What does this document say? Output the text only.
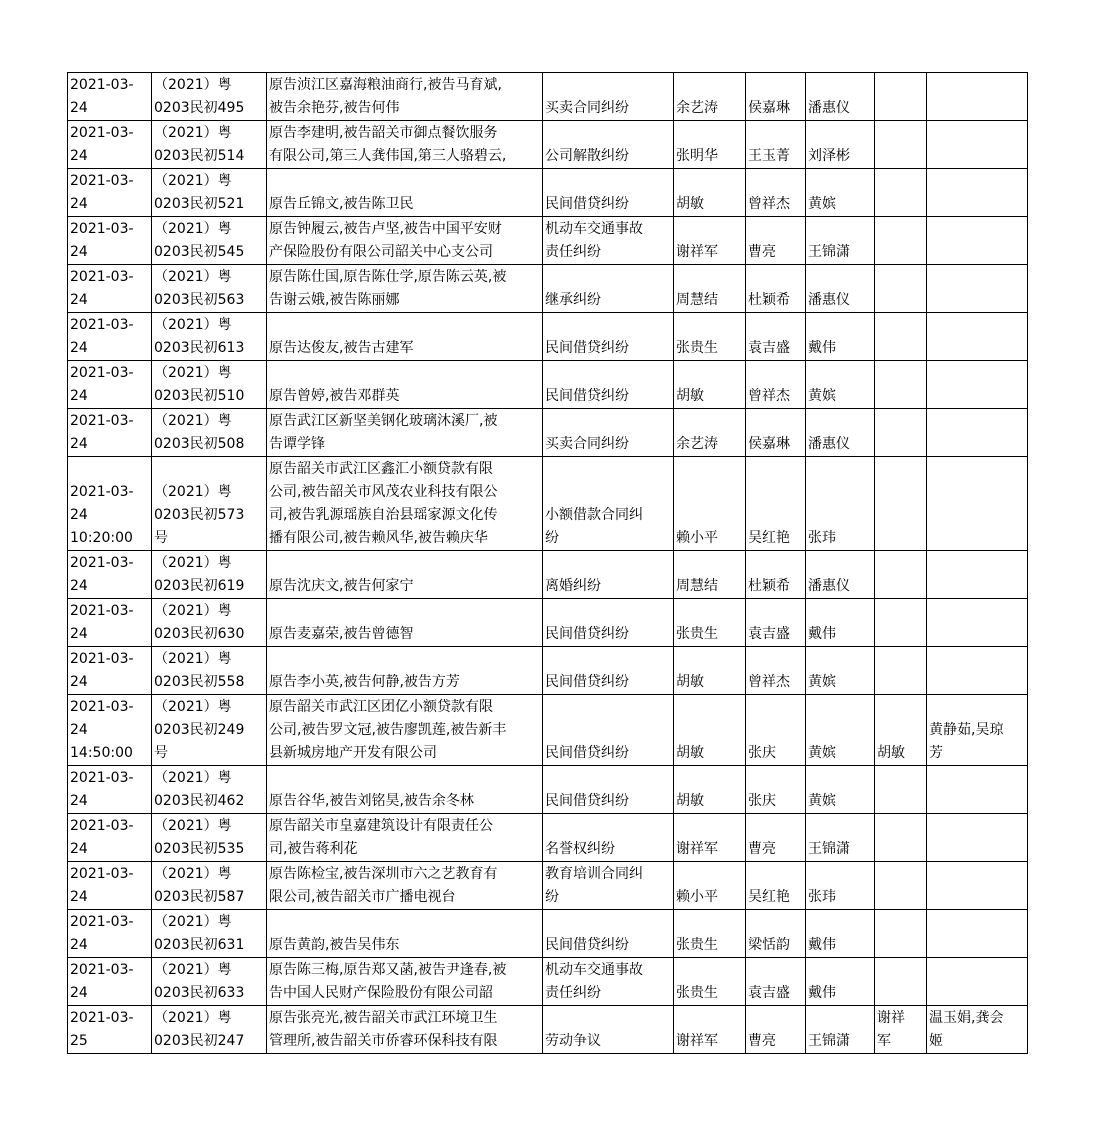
2021-03-
24	（2021）粤
0203民初495	原告浈江区嘉海粮油商行,被告马育斌,
被告余艳芬,被告何伟	买卖合同纠纷	余艺涛	侯嘉琳	潘惠仪		
2021-03-
24	（2021）粤
0203民初514	原告李建明,被告韶关市御点餐饮服务
有限公司,第三人龚伟国,第三人骆碧云,	公司解散纠纷	张明华	王玉菁	刘泽彬		
2021-03-
24	（2021）粤
0203民初521	原告丘锦文,被告陈卫民	民间借贷纠纷	胡敏	曾祥杰	黄嫔		
2021-03-
24	（2021）粤
0203民初545	原告钟履云,被告卢坚,被告中国平安财
产保险股份有限公司韶关中心支公司	机动车交通事故
责任纠纷	谢祥军	曹亮	王锦潇		
2021-03-
24	（2021）粤
0203民初563	原告陈仕国,原告陈仕学,原告陈云英,被
告谢云娥,被告陈丽娜	继承纠纷	周慧结	杜颖希	潘惠仪		
2021-03-
24	（2021）粤
0203民初613	原告达俊友,被告古建军	民间借贷纠纷	张贵生	袁吉盛	戴伟		
2021-03-
24	（2021）粤
0203民初510	原告曾婷,被告邓群英	民间借贷纠纷	胡敏	曾祥杰	黄嫔		
2021-03-
24	（2021）粤
0203民初508	原告武江区新坚美钢化玻璃沐溪厂,被
告谭学锋	买卖合同纠纷	余艺涛	侯嘉琳	潘惠仪		
2021-03-
24
10:20:00	（2021）粤
0203民初573
号	原告韶关市武江区鑫汇小额贷款有限
公司,被告韶关市风茂农业科技有限公
司,被告乳源瑶族自治县瑶家源文化传
播有限公司,被告赖风华,被告赖庆华	小额借款合同纠
纷	赖小平	吴红艳	张玮		
2021-03-
24	（2021）粤
0203民初619	原告沈庆文,被告何家宁	离婚纠纷	周慧结	杜颖希	潘惠仪		
2021-03-
24	（2021）粤
0203民初630	原告麦嘉荣,被告曾德智	民间借贷纠纷	张贵生	袁吉盛	戴伟		
2021-03-
24	（2021）粤
0203民初558	原告李小英,被告何静,被告方芳	民间借贷纠纷	胡敏	曾祥杰	黄嫔		
2021-03-
24
14:50:00	（2021）粤
0203民初249
号	原告韶关市武江区团亿小额贷款有限
公司,被告罗文冠,被告廖凯莲,被告新丰
县新城房地产开发有限公司	民间借贷纠纷	胡敏	张庆	黄嫔	胡敏	黄静茹,吴琼
芳
2021-03-
24	（2021）粤
0203民初462	原告谷华,被告刘铭昊,被告余冬林	民间借贷纠纷	胡敏	张庆	黄嫔		
2021-03-
24	（2021）粤
0203民初535	原告韶关市皇嘉建筑设计有限责任公
司,被告蒋利花	名誉权纠纷	谢祥军	曹亮	王锦潇		
2021-03-
24	（2021）粤
0203民初587	原告陈检宝,被告深圳市六之艺教育有
限公司,被告韶关市广播电视台	教育培训合同纠
纷	赖小平	吴红艳	张玮		
2021-03-
24	（2021）粤
0203民初631	原告黄韵,被告吴伟东	民间借贷纠纷	张贵生	梁恬韵	戴伟		
2021-03-
24	（2021）粤
0203民初633	原告陈三梅,原告郑又菡,被告尹逢春,被
告中国人民财产保险股份有限公司韶	机动车交通事故
责任纠纷	张贵生	袁吉盛	戴伟		
2021-03-
25	（2021）粤
0203民初247	原告张亮光,被告韶关市武江环境卫生
管理所,被告韶关市侨睿环保科技有限	劳动争议	谢祥军	曹亮	王锦潇	谢祥
军	温玉娟,龚会
姬
